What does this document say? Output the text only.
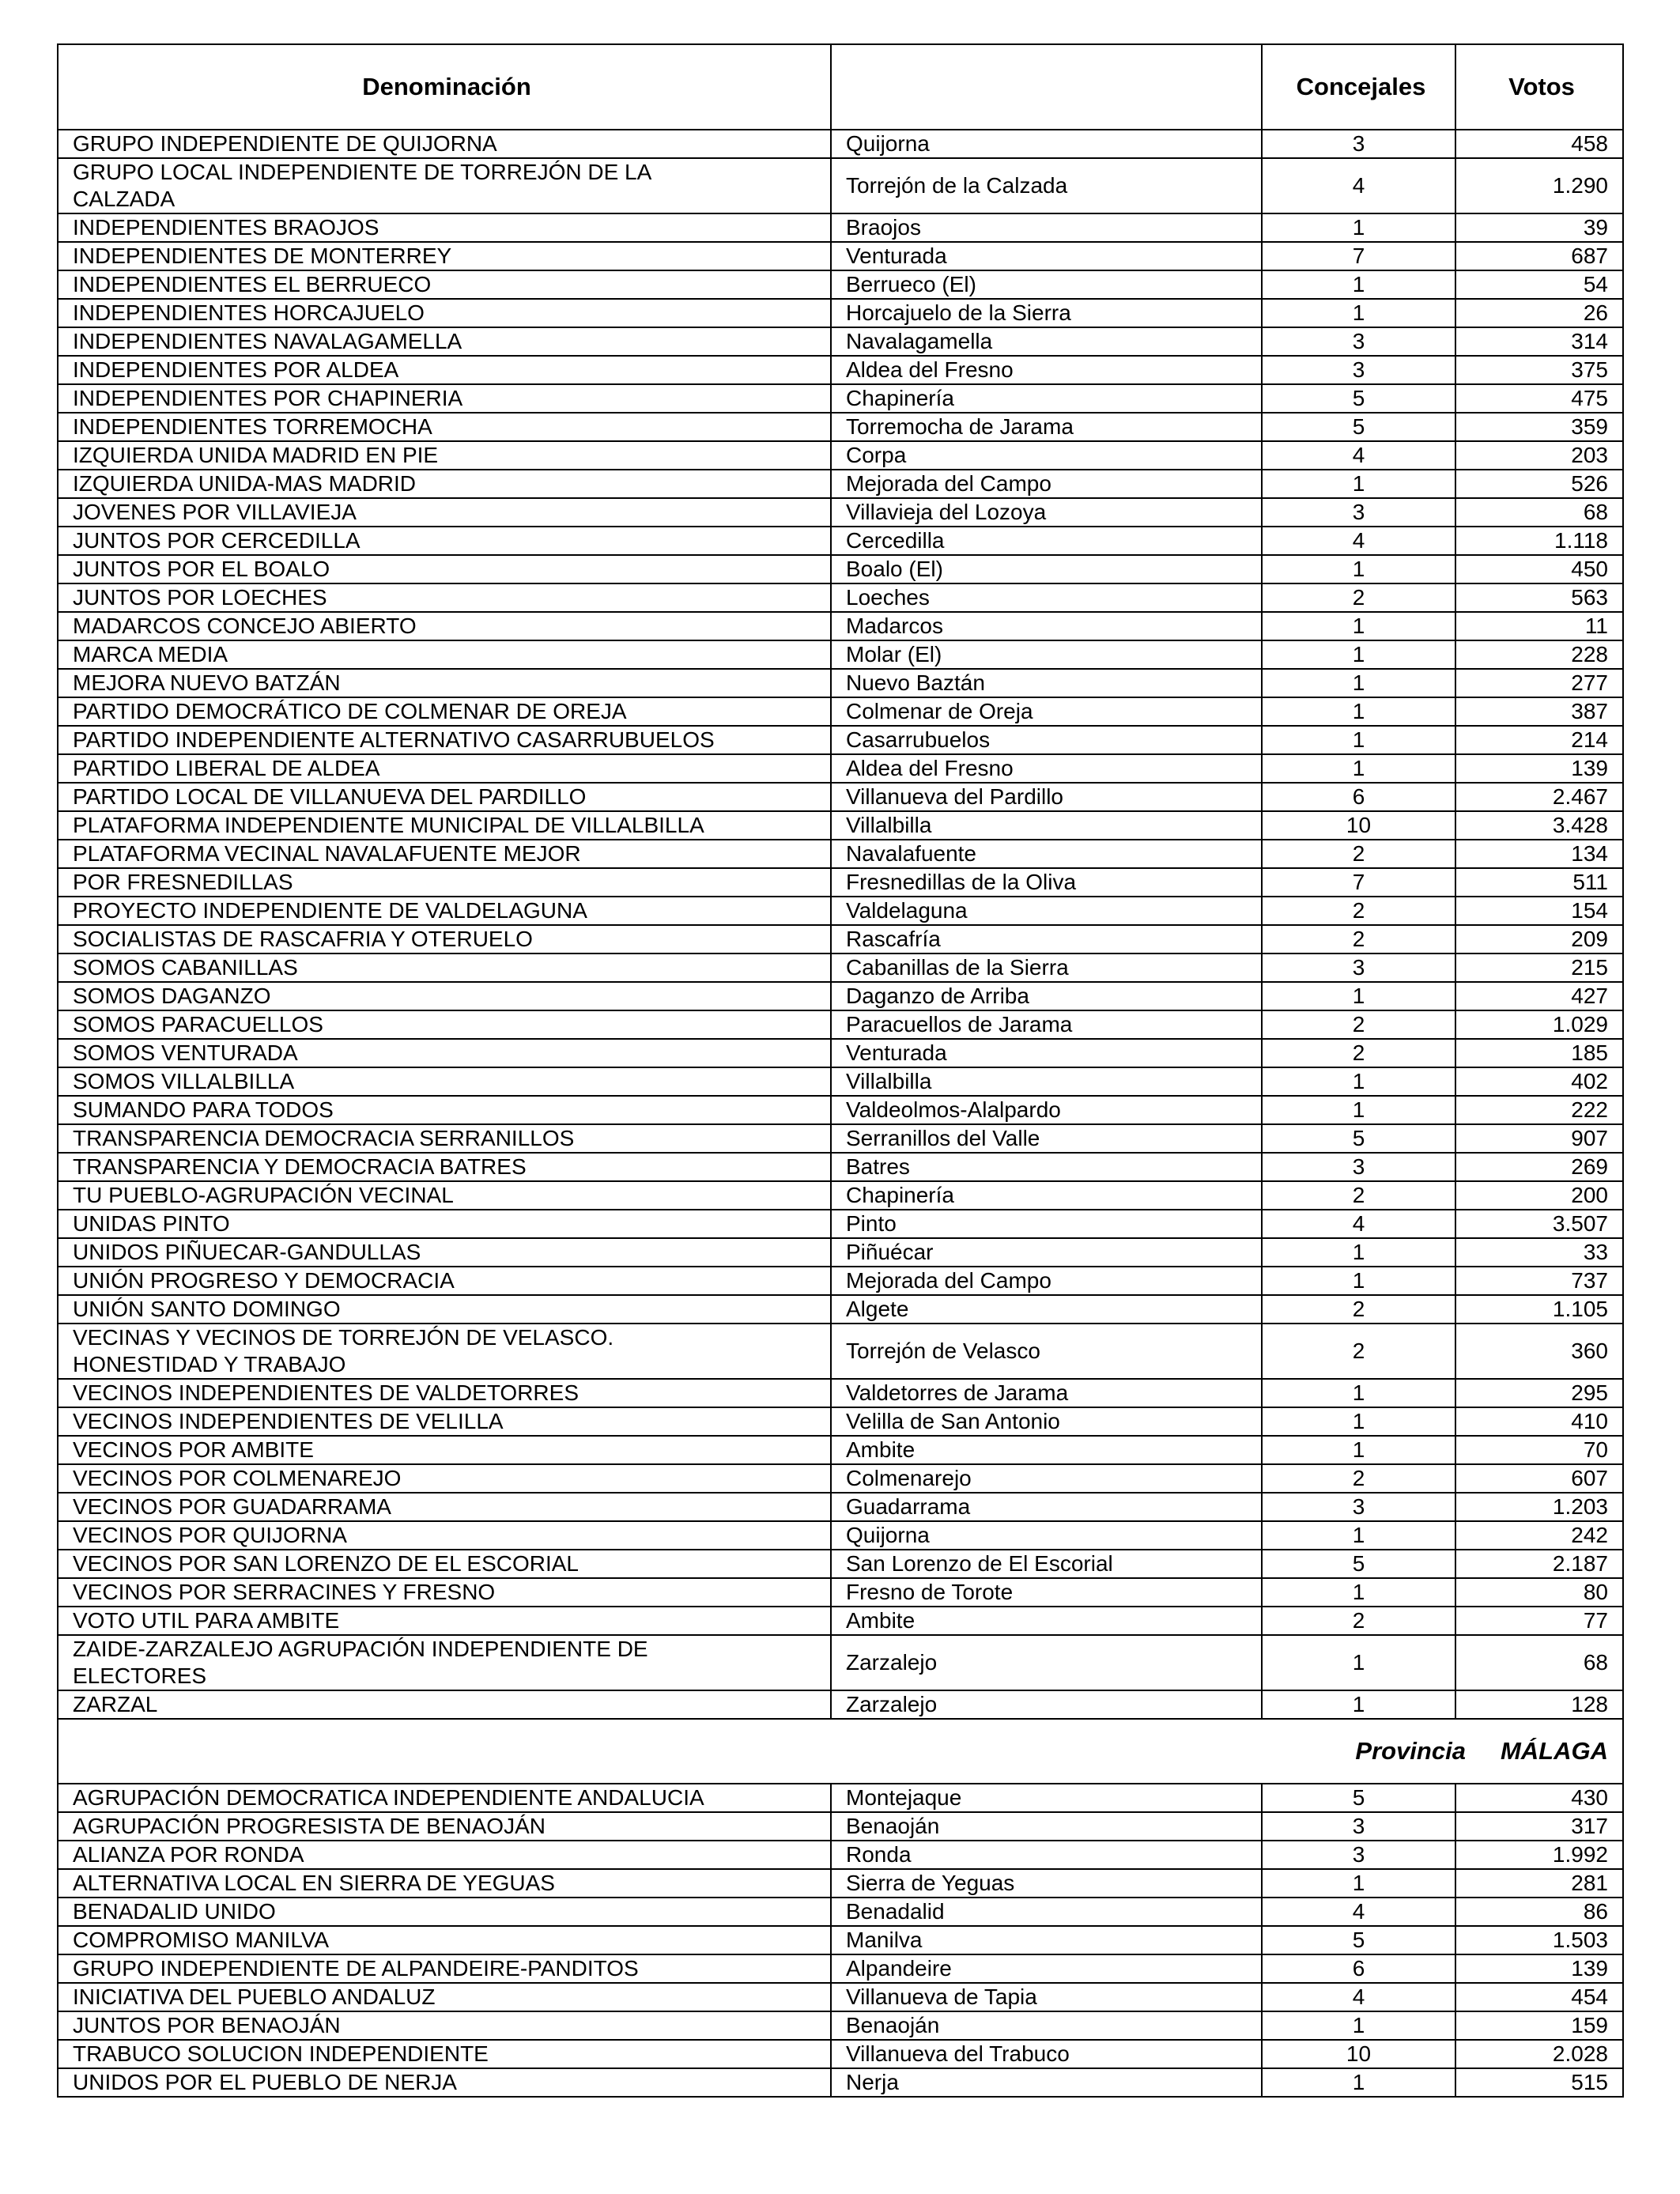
Denominación		Concejales	Votos
GRUPO INDEPENDIENTE DE QUIJORNA	Quijorna	3	458
GRUPO LOCAL INDEPENDIENTE DE TORREJÓN DE LA
CALZADA	Torrejón de la Calzada	4	1.290
INDEPENDIENTES BRAOJOS	Braojos	1	39
INDEPENDIENTES DE MONTERREY	Venturada	7	687
INDEPENDIENTES EL BERRUECO	Berrueco (El)	1	54
INDEPENDIENTES HORCAJUELO	Horcajuelo de la Sierra	1	26
INDEPENDIENTES NAVALAGAMELLA	Navalagamella	3	314
INDEPENDIENTES POR ALDEA	Aldea del Fresno	3	375
INDEPENDIENTES POR CHAPINERIA	Chapinería	5	475
INDEPENDIENTES TORREMOCHA	Torremocha de Jarama	5	359
IZQUIERDA UNIDA MADRID EN PIE	Corpa	4	203
IZQUIERDA UNIDA-MAS MADRID	Mejorada del Campo	1	526
JOVENES POR VILLAVIEJA	Villavieja del Lozoya	3	68
JUNTOS POR CERCEDILLA	Cercedilla	4	1.118
JUNTOS POR EL BOALO	Boalo (El)	1	450
JUNTOS POR LOECHES	Loeches	2	563
MADARCOS CONCEJO ABIERTO	Madarcos	1	11
MARCA MEDIA	Molar (El)	1	228
MEJORA NUEVO BATZÁN	Nuevo Baztán	1	277
PARTIDO DEMOCRÁTICO DE COLMENAR DE OREJA	Colmenar de Oreja	1	387
PARTIDO INDEPENDIENTE ALTERNATIVO CASARRUBUELOS	Casarrubuelos	1	214
PARTIDO LIBERAL DE ALDEA	Aldea del Fresno	1	139
PARTIDO LOCAL DE VILLANUEVA DEL PARDILLO	Villanueva del Pardillo	6	2.467
PLATAFORMA INDEPENDIENTE MUNICIPAL DE VILLALBILLA	Villalbilla	10	3.428
PLATAFORMA VECINAL NAVALAFUENTE MEJOR	Navalafuente	2	134
POR FRESNEDILLAS	Fresnedillas de la Oliva	7	511
PROYECTO INDEPENDIENTE DE VALDELAGUNA	Valdelaguna	2	154
SOCIALISTAS DE RASCAFRIA Y OTERUELO	Rascafría	2	209
SOMOS CABANILLAS	Cabanillas de la Sierra	3	215
SOMOS DAGANZO	Daganzo de Arriba	1	427
SOMOS PARACUELLOS	Paracuellos de Jarama	2	1.029
SOMOS VENTURADA	Venturada	2	185
SOMOS VILLALBILLA	Villalbilla	1	402
SUMANDO PARA TODOS	Valdeolmos-Alalpardo	1	222
TRANSPARENCIA DEMOCRACIA SERRANILLOS	Serranillos del Valle	5	907
TRANSPARENCIA Y DEMOCRACIA BATRES	Batres	3	269
TU PUEBLO-AGRUPACIÓN VECINAL	Chapinería	2	200
UNIDAS PINTO	Pinto	4	3.507
UNIDOS PIÑUECAR-GANDULLAS	Piñuécar	1	33
UNIÓN PROGRESO Y DEMOCRACIA	Mejorada del Campo	1	737
UNIÓN SANTO DOMINGO	Algete	2	1.105
VECINAS Y VECINOS DE TORREJÓN DE VELASCO.
HONESTIDAD Y TRABAJO	Torrejón de Velasco	2	360
VECINOS INDEPENDIENTES DE VALDETORRES	Valdetorres de Jarama	1	295
VECINOS INDEPENDIENTES DE VELILLA	Velilla de San Antonio	1	410
VECINOS POR AMBITE	Ambite	1	70
VECINOS POR COLMENAREJO	Colmenarejo	2	607
VECINOS POR GUADARRAMA	Guadarrama	3	1.203
VECINOS POR QUIJORNA	Quijorna	1	242
VECINOS POR SAN LORENZO DE EL ESCORIAL	San Lorenzo de El Escorial	5	2.187
VECINOS POR SERRACINES Y FRESNO	Fresno de Torote	1	80
VOTO UTIL PARA AMBITE	Ambite	2	77
ZAIDE-ZARZALEJO AGRUPACIÓN INDEPENDIENTE DE
ELECTORES	Zarzalejo	1	68
ZARZAL	Zarzalejo	1	128
Provincia MÁLAGA			
AGRUPACIÓN DEMOCRATICA INDEPENDIENTE ANDALUCIA	Montejaque	5	430
AGRUPACIÓN PROGRESISTA DE BENAOJÁN	Benaoján	3	317
ALIANZA POR RONDA	Ronda	3	1.992
ALTERNATIVA LOCAL EN SIERRA DE YEGUAS	Sierra de Yeguas	1	281
BENADALID UNIDO	Benadalid	4	86
COMPROMISO MANILVA	Manilva	5	1.503
GRUPO INDEPENDIENTE DE ALPANDEIRE-PANDITOS	Alpandeire	6	139
INICIATIVA DEL PUEBLO ANDALUZ	Villanueva de Tapia	4	454
JUNTOS POR BENAOJÁN	Benaoján	1	159
TRABUCO SOLUCION INDEPENDIENTE	Villanueva del Trabuco	10	2.028
UNIDOS POR EL PUEBLO DE NERJA	Nerja	1	515
